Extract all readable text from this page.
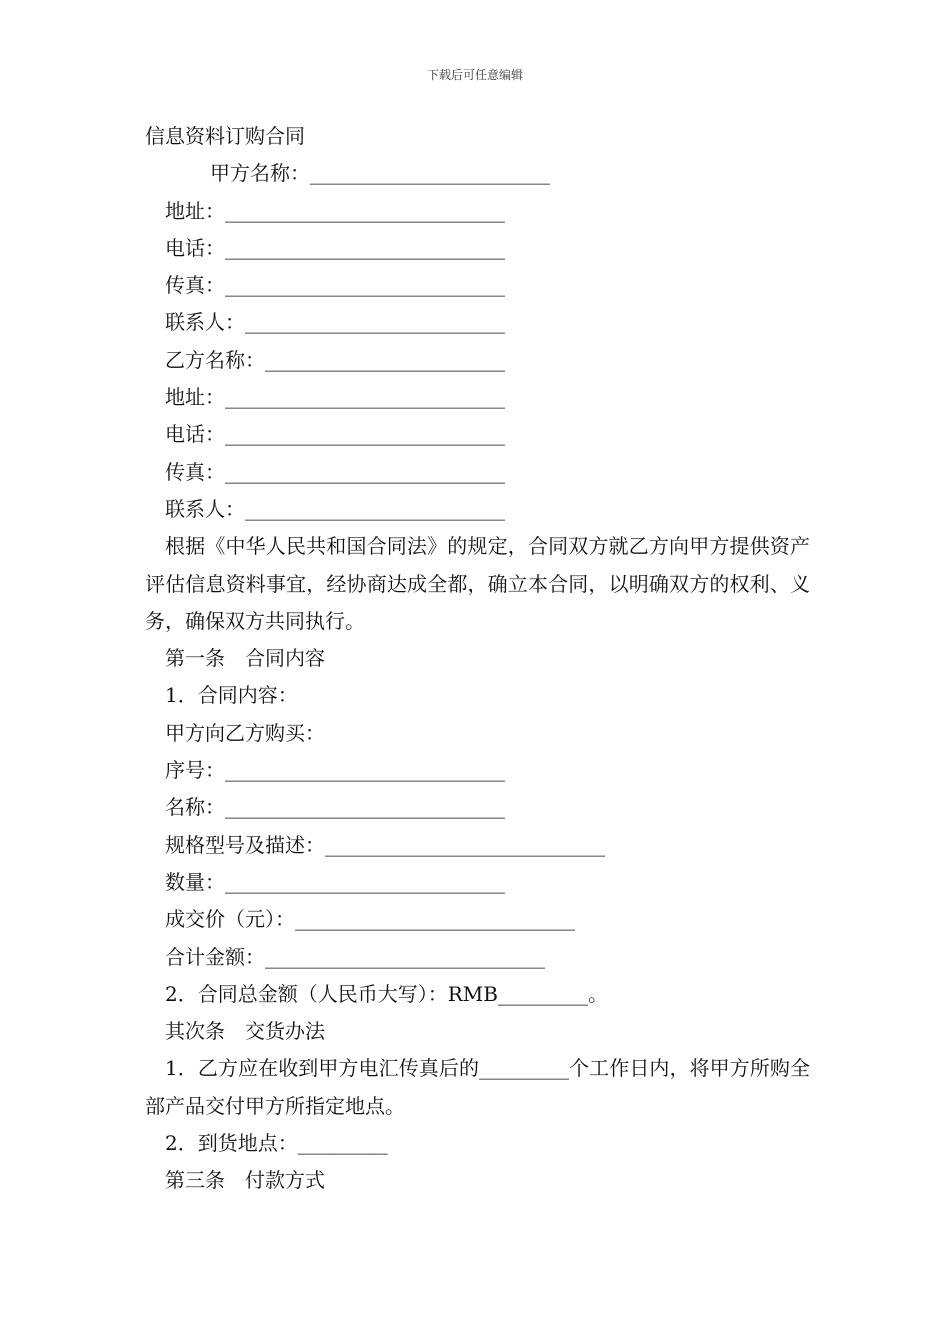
下载后可任意编辑
信息资料订购合同
甲方名称：________________________
地址：____________________________
电话：____________________________
传真：____________________________
联系人：__________________________
乙方名称：________________________
地址：____________________________
电话：____________________________
传真：____________________________
联系人：__________________________
根据《中华人民共和国合同法》的规定，合同双方就乙方向甲方提供资产评估信息资料事宜，经协商达成全都，确立本合同，以明确双方的权利、义务，确保双方共同执行。
第一条　合同内容
1．合同内容：
甲方向乙方购买：
序号：____________________________
名称：____________________________
规格型号及描述：____________________________
数量：____________________________
成交价（元）：____________________________
合计金额：____________________________
2．合同总金额（人民币大写）：RMB_________。
其次条　交货办法
1．乙方应在收到甲方电汇传真后的_________个工作日内，将甲方所购全部产品交付甲方所指定地点。
2．到货地点：_________
第三条　付款方式
